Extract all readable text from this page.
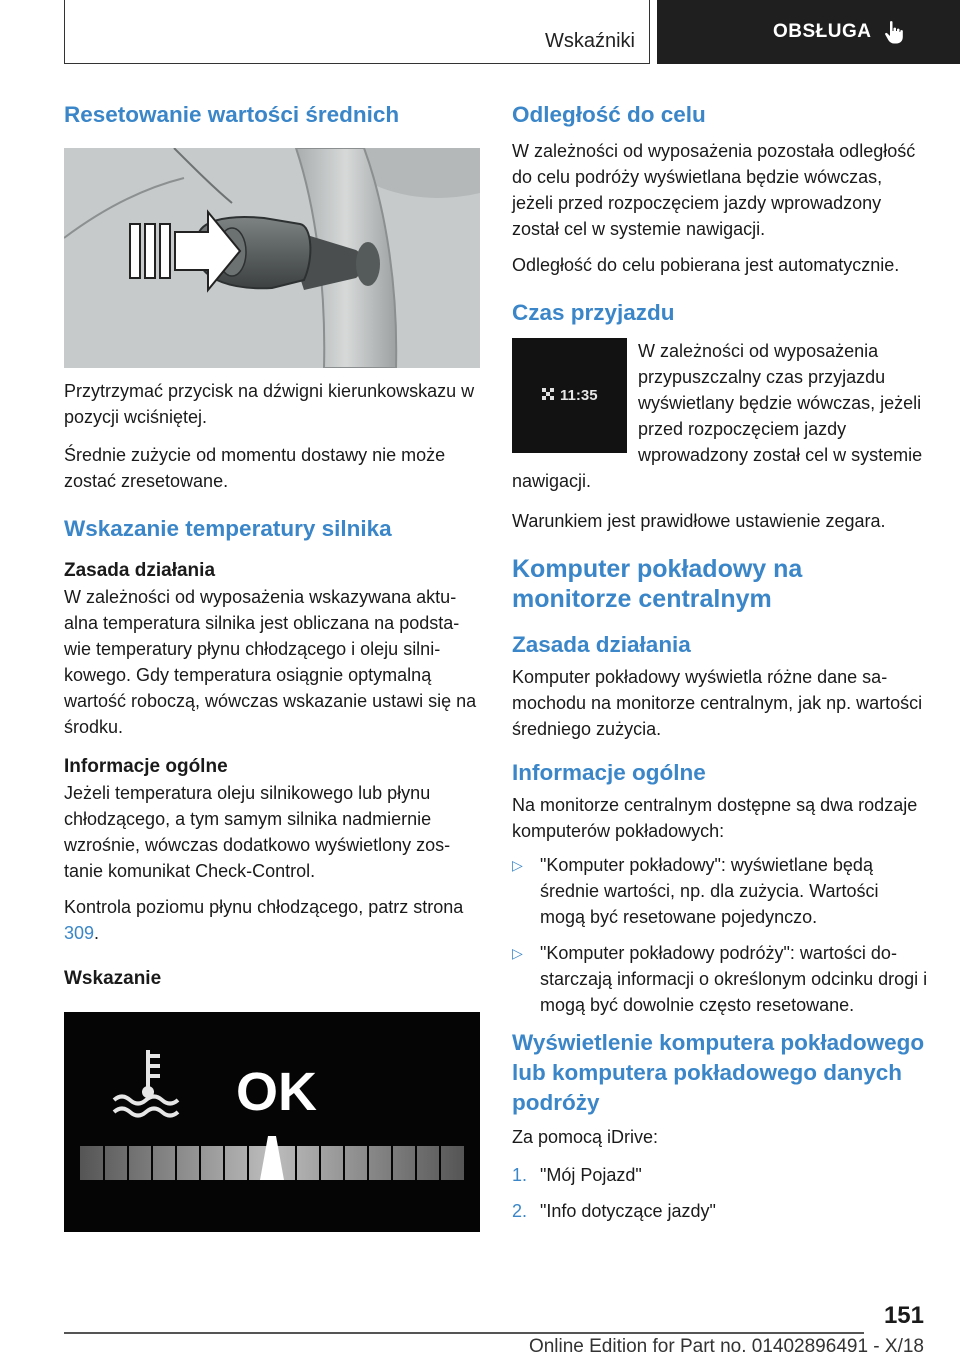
Wskaźniki	OBSŁUGA
Resetowanie wartości średnich
Przytrzymać przycisk na dźwigni kierunkowskazu w pozycji wciśniętej.
Średnie zużycie od momentu dostawy nie może zostać zresetowane.
Wskazanie temperatury silnika
Zasada działania
W zależności od wyposażenia wskazywana aktualna temperatura silnika jest obliczana na podstawie temperatury płynu chłodzącego i oleju silnikowego. Gdy temperatura osiągnie optymalną wartość roboczą, wówczas wskazanie ustawi się na środku.
Informacje ogólne
Jeżeli temperatura oleju silnikowego lub płynu chłodzącego, a tym samym silnika nadmiernie wzrośnie, wówczas dodatkowo wyświetlony zostanie komunikat Check-Control.
Kontrola poziomu płynu chłodzącego, patrz strona 309.
Wskazanie
OK
Odległość do celu
W zależności od wyposażenia pozostała odległość do celu podróży wyświetlana będzie wówczas, jeżeli przed rozpoczęciem jazdy wprowadzony został cel w systemie nawigacji.
Odległość do celu pobierana jest automatycznie.
Czas przyjazdu
11:35
W zależności od wyposażenia przypuszczalny czas przyjazdu wyświetlany będzie wówczas, jeżeli przed rozpoczęciem jazdy wprowadzony został cel w systemie nawigacji.
Warunkiem jest prawidłowe ustawienie zegara.
Komputer pokładowy na monitorze centralnym
Zasada działania
Komputer pokładowy wyświetla różne dane samochodu na monitorze centralnym, jak np. wartości średniego zużycia.
Informacje ogólne
Na monitorze centralnym dostępne są dwa rodzaje komputerów pokładowych:
▷ "Komputer pokładowy": wyświetlane będą średnie wartości, np. dla zużycia. Wartości mogą być resetowane pojedynczo.
▷ "Komputer pokładowy podróży": wartości dostarczają informacji o określonym odcinku drogi i mogą być dowolnie często resetowane.
Wyświetlenie komputera pokładowego lub komputera pokładowego danych podróży
Za pomocą iDrive:
1. "Mój Pojazd"
2. "Info dotyczące jazdy"
151
Online Edition for Part no. 01402896491 - X/18
